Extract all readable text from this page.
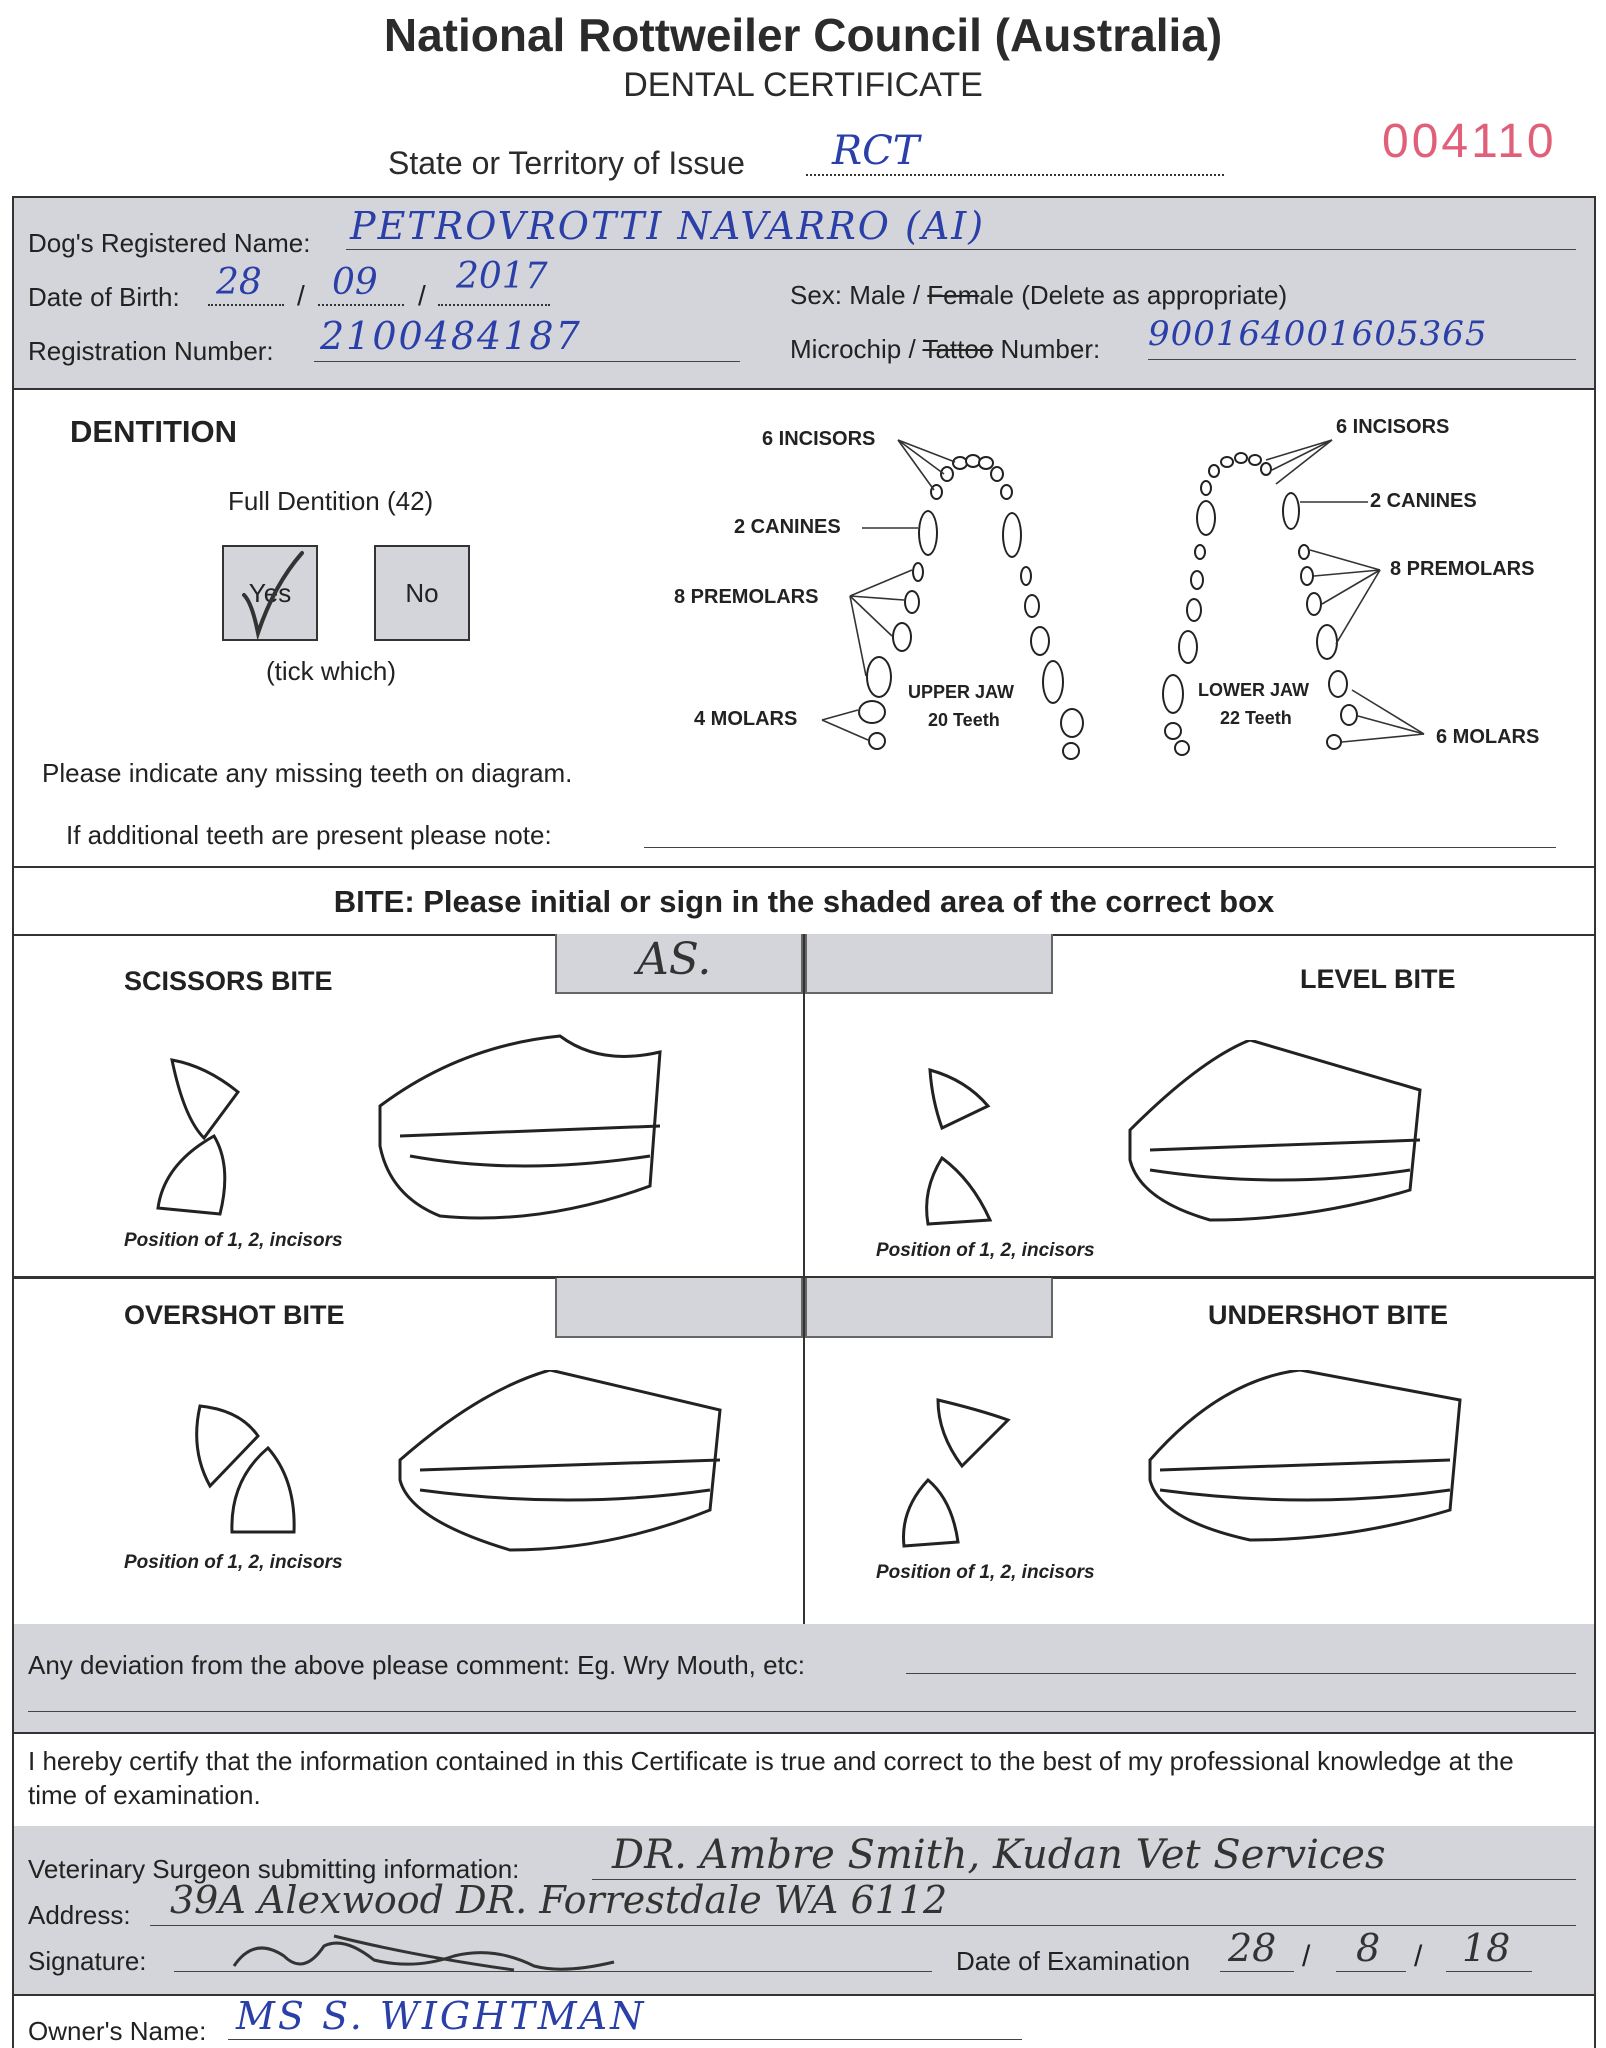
National Rottweiler Council (Australia)
DENTAL CERTIFICATE
State or Territory of Issue RCT	004110
Dog's Registered Name: PETROVROTTI NAVARRO (AI)
Date of Birth: 28 / 09 / 2017	Sex: Male / Female (Delete as appropriate)
Registration Number: 2100484187	Microchip / Tattoo Number: 900164001605365
DENTITION
Full Dentition (42)
Yes	No
(tick which)
Please indicate any missing teeth on diagram.
If additional teeth are present please note:
6 INCISORS
2 CANINES
8 PREMOLARS
4 MOLARS
UPPER JAW
20 Teeth
6 INCISORS
2 CANINES
8 PREMOLARS
6 MOLARS
LOWER JAW
22 Teeth
BITE: Please initial or sign in the shaded area of the correct box
AS.
SCISSORS BITE	LEVEL BITE
OVERSHOT BITE	UNDERSHOT BITE
Position of 1, 2, incisors	Position of 1, 2, incisors
Position of 1, 2, incisors	Position of 1, 2, incisors
Any deviation from the above please comment: Eg. Wry Mouth, etc:
I hereby certify that the information contained in this Certificate is true and correct to the best of my professional knowledge at the time of examination.
Veterinary Surgeon submitting information: DR. Ambre Smith, Kudan Vet Services
Address: 39A Alexwood DR. Forrestdale WA 6112
Signature:	Date of Examination 28 / 8 / 18
Owner's Name: MS S. WIGHTMAN
